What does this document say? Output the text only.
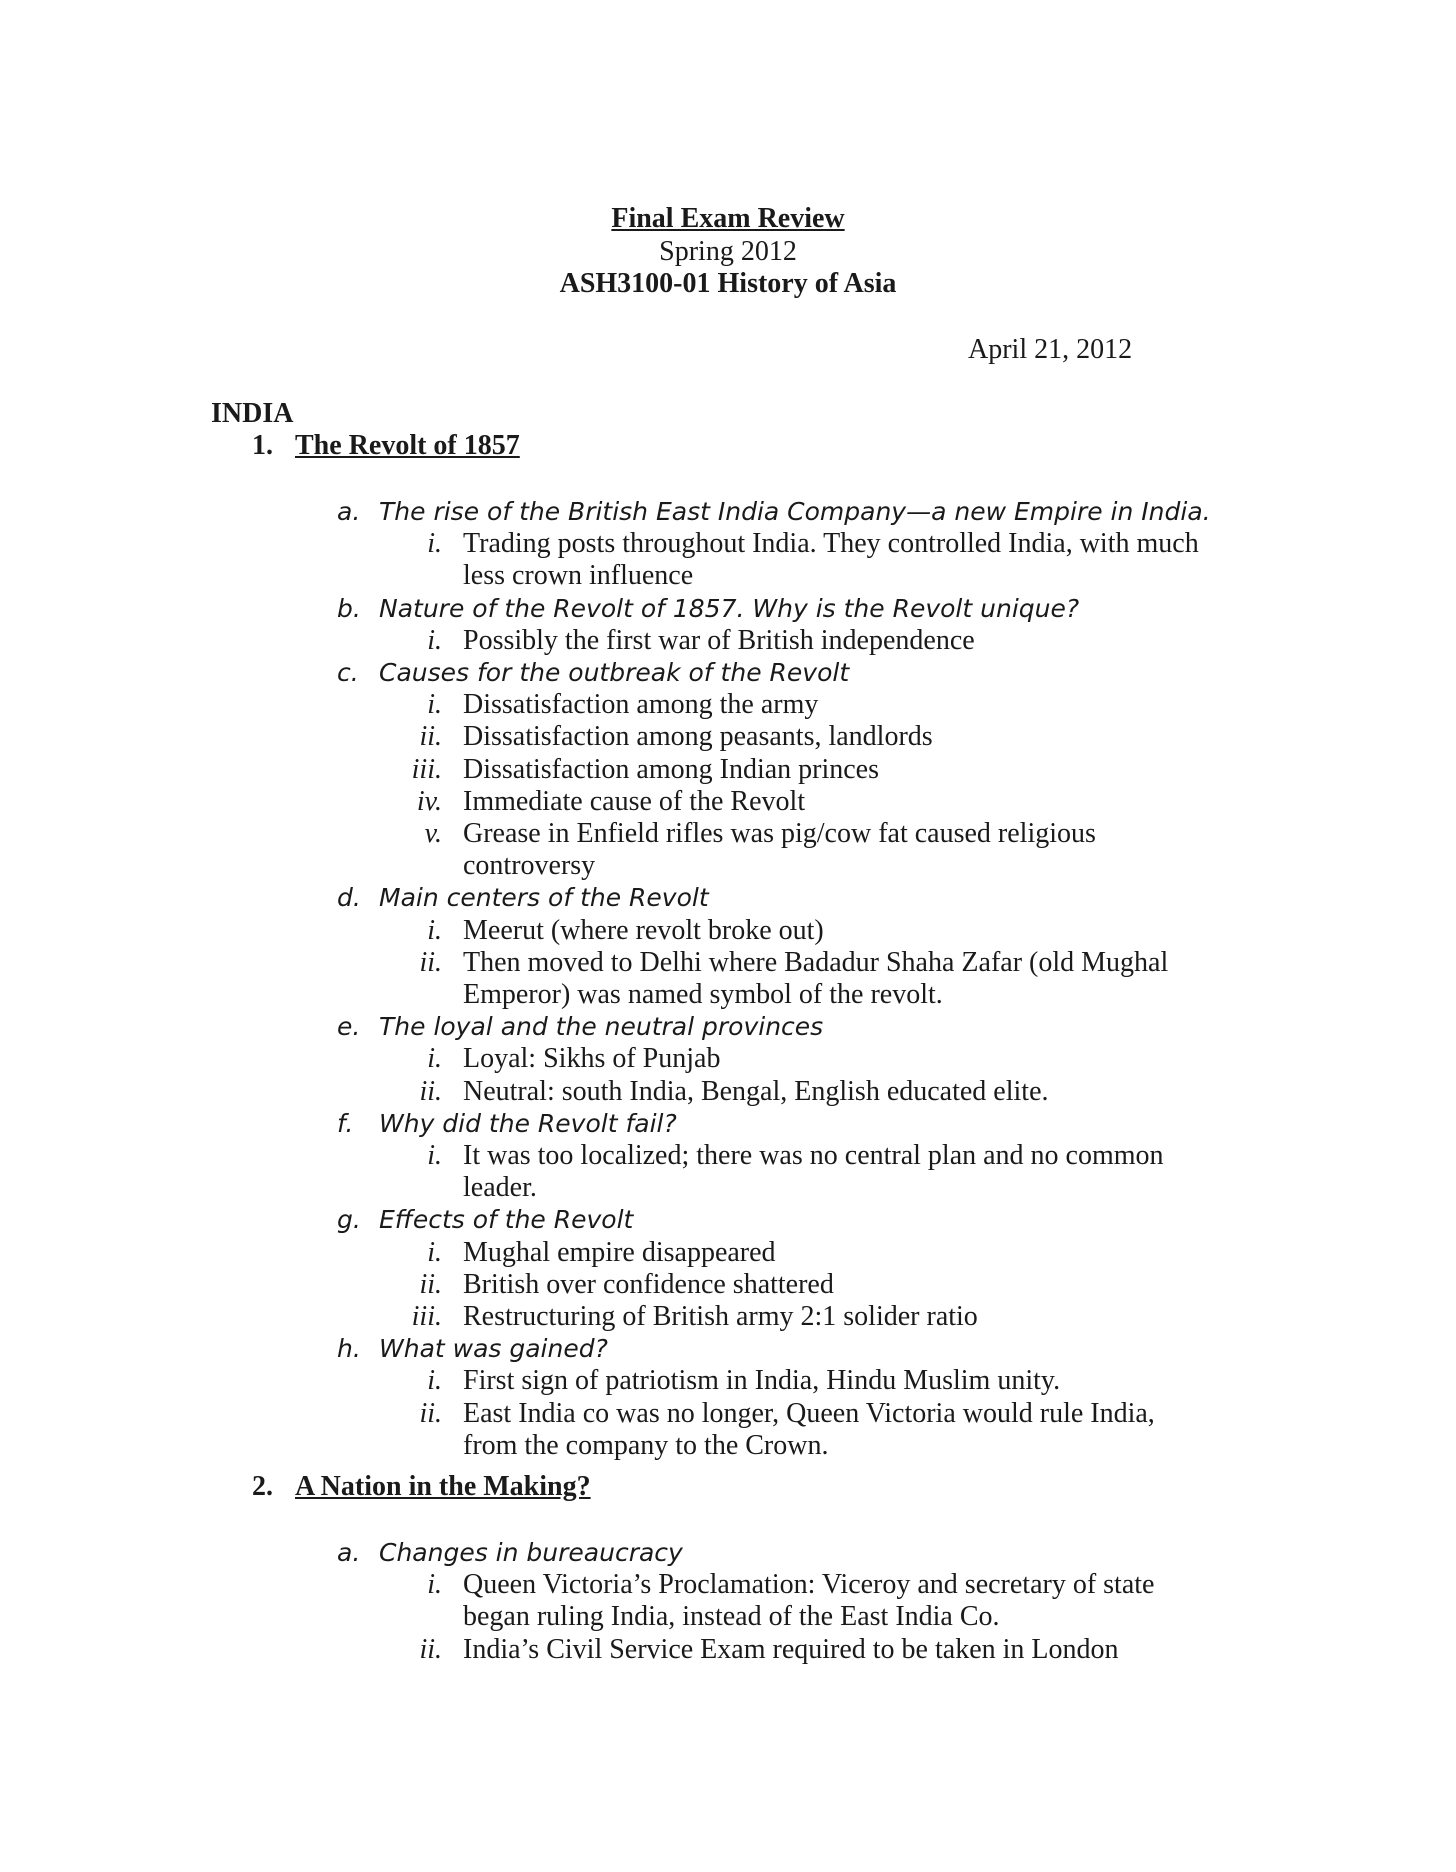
Final Exam Review
Spring 2012
ASH3100-01 History of Asia
April 21, 2012
INDIA
1. The Revolt of 1857
a. The rise of the British East India Company—a new Empire in India.
i. Trading posts throughout India. They controlled India, with much
less crown influence
b. Nature of the Revolt of 1857. Why is the Revolt unique?
i. Possibly the first war of British independence
c. Causes for the outbreak of the Revolt
i. Dissatisfaction among the army
ii. Dissatisfaction among peasants, landlords
iii. Dissatisfaction among Indian princes
iv. Immediate cause of the Revolt
v. Grease in Enfield rifles was pig/cow fat caused religious
controversy
d. Main centers of the Revolt
i. Meerut (where revolt broke out)
ii. Then moved to Delhi where Badadur Shaha Zafar (old Mughal
Emperor) was named symbol of the revolt.
e. The loyal and the neutral provinces
i. Loyal: Sikhs of Punjab
ii. Neutral: south India, Bengal, English educated elite.
f. Why did the Revolt fail?
i. It was too localized; there was no central plan and no common
leader.
g. Effects of the Revolt
i. Mughal empire disappeared
ii. British over confidence shattered
iii. Restructuring of British army 2:1 solider ratio
h. What was gained?
i. First sign of patriotism in India, Hindu Muslim unity.
ii. East India co was no longer, Queen Victoria would rule India,
from the company to the Crown.
2. A Nation in the Making?
a. Changes in bureaucracy
i. Queen Victoria’s Proclamation: Viceroy and secretary of state
began ruling India, instead of the East India Co.
ii. India’s Civil Service Exam required to be taken in London
